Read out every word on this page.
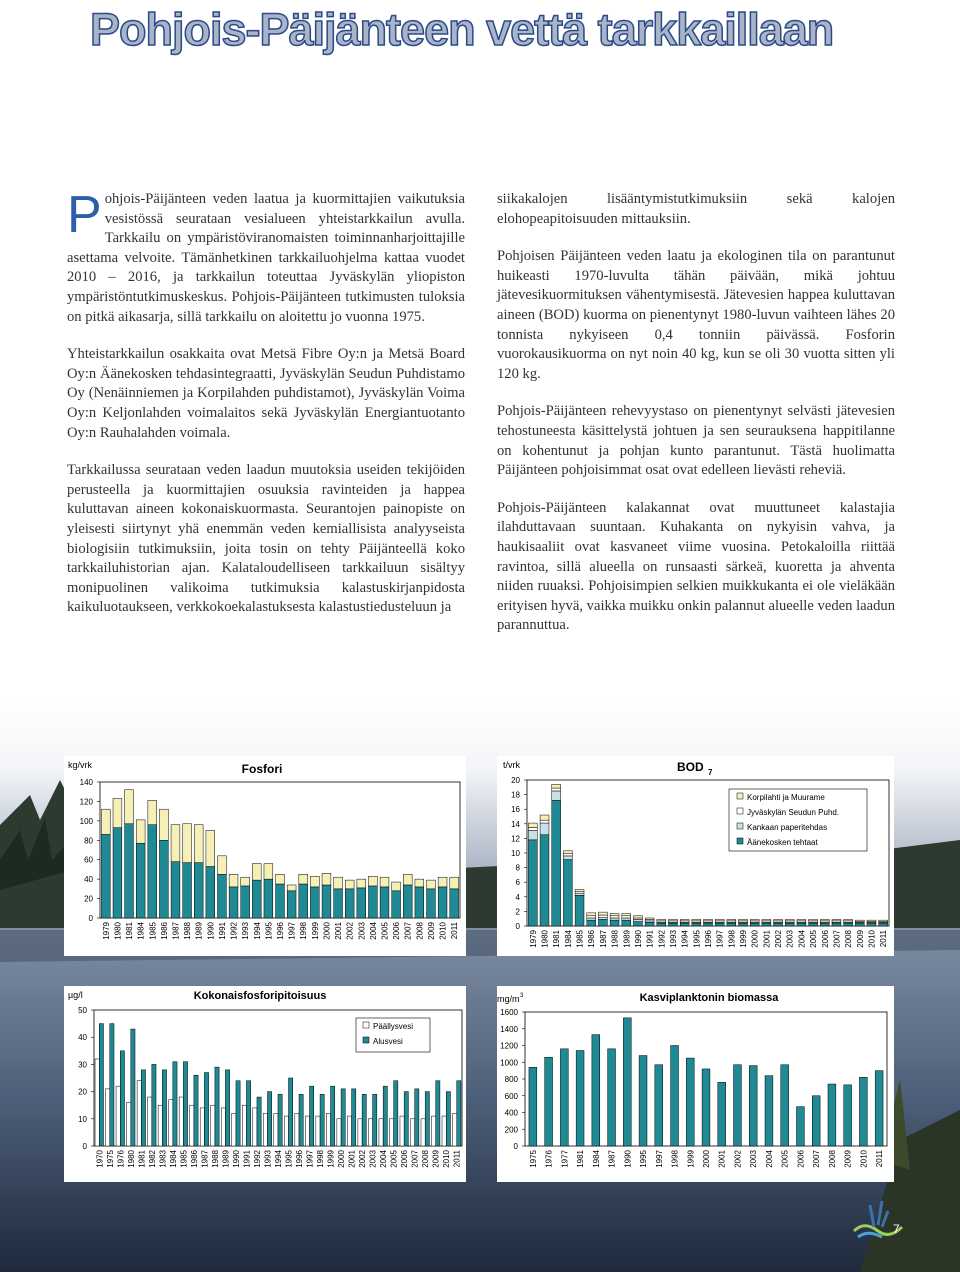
Pohjois-Päijänteen vettä tarkkaillaan

Pohjois-Päijänteen veden laatua ja kuormittajien vaikutuksia vesistössä seurataan vesialueen yhteistarkkailun avulla. Tarkkailu on ympäristöviranomaisten toiminnanharjoittajille asettama velvoite. Tämänhetkinen tarkkailuohjelma kattaa vuodet 2010 – 2016, ja tarkkailun toteuttaa Jyväskylän yliopiston ympäristöntutkimuskeskus. Pohjois-Päijänteen tutkimusten tuloksia on pitkä aikasarja, sillä tarkkailu on aloitettu jo vuonna 1975.

Yhteistarkkailun osakkaita ovat Metsä Fibre Oy:n ja Metsä Board Oy:n Äänekosken tehdasintegraatti, Jyväskylän Seudun Puhdistamo Oy (Nenäinniemen ja Korpilahden puhdistamot), Jyväskylän Voima Oy:n Keljonlahden voimalaitos sekä Jyväskylän Energiantuotanto Oy:n Rauhalahden voimala.

Tarkkailussa seurataan veden laadun muutoksia useiden tekijöiden perusteella ja kuormittajien osuuksia ravinteiden ja happea kuluttavan aineen kokonaiskuormasta. Seurantojen painopiste on yleisesti siirtynyt yhä enemmän veden kemiallisista analyyseista biologisiin tutkimuksiin, joita tosin on tehty Päijänteellä koko tarkkailuhistorian ajan. Kalataloudelliseen tarkkailuun sisältyy monipuolinen valikoima tutkimuksia kalastuskirjanpidosta kaikuluotaukseen, verkkokoekalastuksesta kalastustiedusteluun ja

siikakalojen lisääntymistutkimuksiin sekä kalojen elohopeapitoisuuden mittauksiin.

Pohjoisen Päijänteen veden laatu ja ekologinen tila on parantunut huikeasti 1970-luvulta tähän päivään, mikä johtuu jätevesikuormituksen vähentymisestä. Jätevesien happea kuluttavan aineen (BOD) kuorma on pienentynyt 1980-luvun vaihteen lähes 20 tonnista nykyiseen 0,4 tonniin päivässä. Fosforin vuorokausikuorma on nyt noin 40 kg, kun se oli 30 vuotta sitten yli 120 kg.

Pohjois-Päijänteen rehevyystaso on pienentynyt selvästi jätevesien tehostuneesta käsittelystä johtuen ja sen seurauksena happitilanne on kohentunut ja pohjan kunto parantunut. Tästä huolimatta Päijänteen pohjoisimmat osat ovat edelleen lievästi reheviä.

Pohjois-Päijänteen kalakannat ovat muuttuneet kalastajia ilahduttavaan suuntaan. Kuhakanta on nykyisin vahva, ja haukisaaliit ovat kasvaneet viime vuosina. Petokaloilla riittää ravintoa, sillä alueella on runsaasti särkeä, kuoretta ja ahventa niiden ruuaksi. Pohjoisimpien selkien muikkukanta ei ole vieläkään erityisen hyvä, vaikka muikku onkin palannut alueelle veden laadun parannuttua.

0
20
40
60
80
100
120
140
1979 1980 1981 1984 1985 1986 1987 1988 1989 1990 1991 1992 1993 1994 1995 1996 1997 1998 1999 2000 2001 2002 2003 2004 2005 2006 2007 2008 2009 2010 2011
kg/vrk	Fosfori
0
2
4
6
8
10
12
14
16
18
20
1979 1980 1981 1984 1985 1986 1987 1988 1989 1990 1991 1992 1993 1994 1995 1996 1997 1998 1999 2000 2001 2002 2003 2004 2005 2006 2007 2008 2009 2010 2011
t/vrk	BOD 7
Korpilahti ja Muurame
Jyväskylän Seudun Puhd.
Kankaan paperitehdas
Äänekosken tehtaat
0
10
20
30
40
50
1970 1975 1976 1980 1981 1982 1983 1984 1985 1986 1987 1988 1989 1990 1991 1992 1993 1994 1995 1996 1997 1998 1999 2000 2001 2002 2003 2004 2005 2006 2007 2008 2009 2010 2011
µg/l	Kokonaisfosforipitoisuus
Päällysvesi
Alusvesi
0
200
400
600
800
1000
1200
1400
1600
1975 1976 1977 1981 1984 1987 1990 1995 1997 1998 1999 2000 2001 2002 2003 2004 2005 2006 2007 2008 2009 2010 2011
mg/m 3	Kasviplanktonin biomassa
7
